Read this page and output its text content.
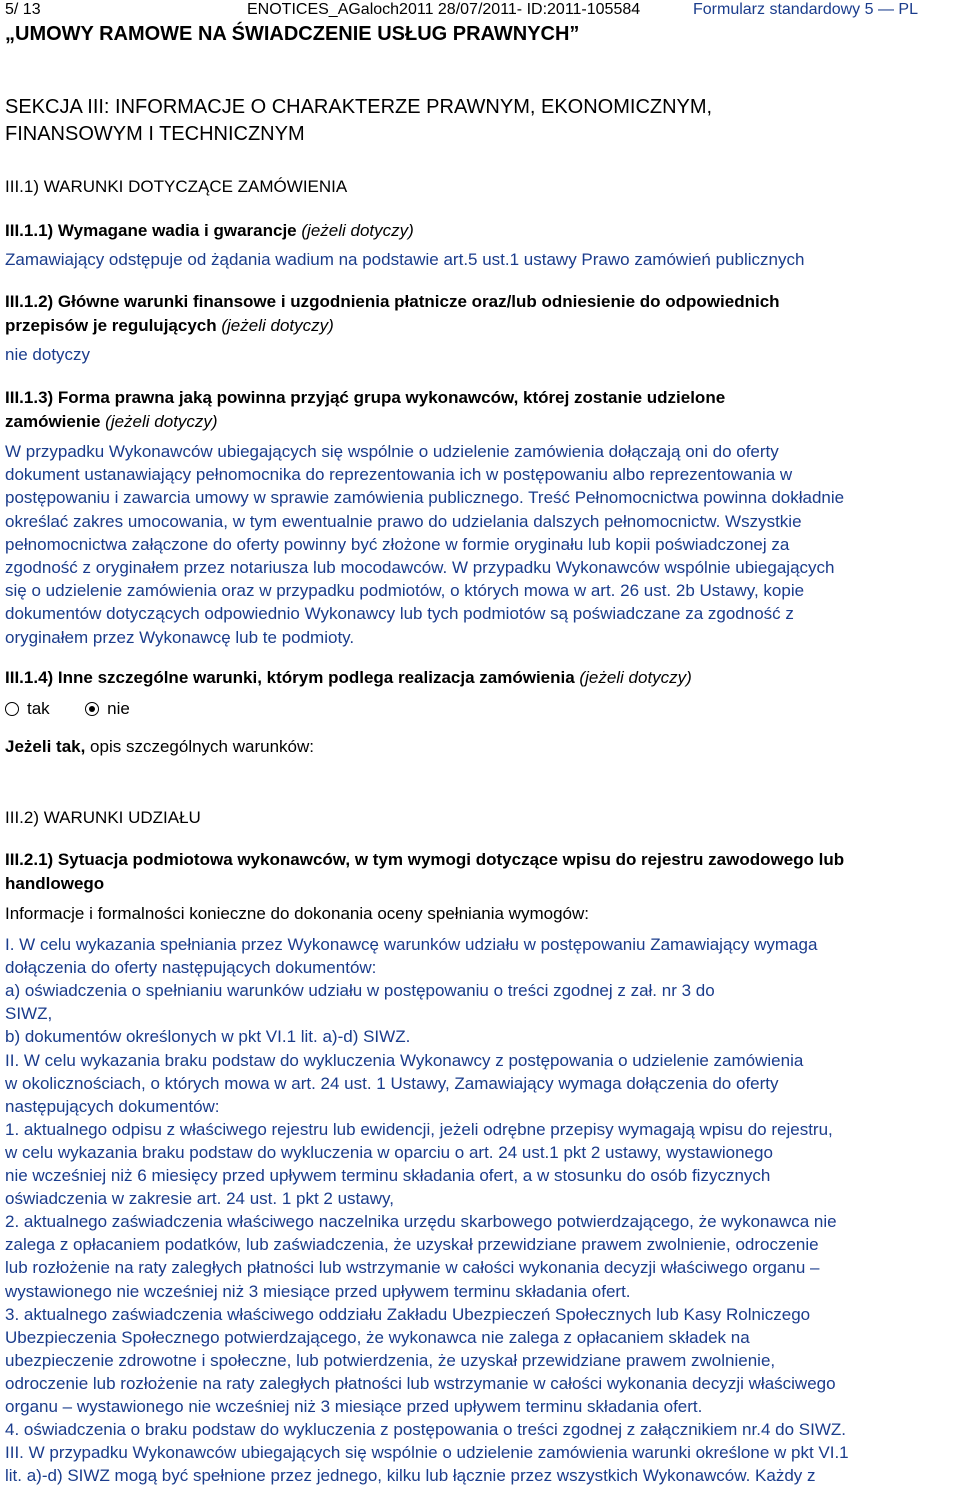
5/ 13	ENOTICES_AGaloch2011 28/07/2011- ID:2011-105584	Formularz standardowy 5 — PL
„UMOWY RAMOWE NA ŚWIADCZENIE USŁUG PRAWNYCH”
SEKCJA III: INFORMACJE O CHARAKTERZE PRAWNYM, EKONOMICZNYM,
FINANSOWYM I TECHNICZNYM
III.1) WARUNKI DOTYCZĄCE ZAMÓWIENIA
III.1.1) Wymagane wadia i gwarancje (jeżeli dotyczy)
Zamawiający odstępuje od żądania wadium na podstawie art.5 ust.1 ustawy Prawo zamówień publicznych
III.1.2) Główne warunki finansowe i uzgodnienia płatnicze oraz/lub odniesienie do odpowiednich
przepisów je regulujących (jeżeli dotyczy)
nie dotyczy
III.1.3) Forma prawna jaką powinna przyjąć grupa wykonawców, której zostanie udzielone
zamówienie (jeżeli dotyczy)
W przypadku Wykonawców ubiegających się wspólnie o udzielenie zamówienia dołączają oni do oferty
dokument ustanawiający pełnomocnika do reprezentowania ich w postępowaniu albo reprezentowania w
postępowaniu i zawarcia umowy w sprawie zamówienia publicznego. Treść Pełnomocnictwa powinna dokładnie
określać zakres umocowania, w tym ewentualnie prawo do udzielania dalszych pełnomocnictw. Wszystkie
pełnomocnictwa załączone do oferty powinny być złożone w formie oryginału lub kopii poświadczonej za
zgodność z oryginałem przez notariusza lub mocodawców. W przypadku Wykonawców wspólnie ubiegających
się o udzielenie zamówienia oraz w przypadku podmiotów, o których mowa w art. 26 ust. 2b Ustawy, kopie
dokumentów dotyczących odpowiednio Wykonawcy lub tych podmiotów są poświadczane za zgodność z
oryginałem przez Wykonawcę lub te podmioty.
III.1.4) Inne szczególne warunki, którym podlega realizacja zamówienia (jeżeli dotyczy)
tak	nie
Jeżeli tak, opis szczególnych warunków:
III.2) WARUNKI UDZIAŁU
III.2.1) Sytuacja podmiotowa wykonawców, w tym wymogi dotyczące wpisu do rejestru zawodowego lub
handlowego
Informacje i formalności konieczne do dokonania oceny spełniania wymogów:
I. W celu wykazania spełniania przez Wykonawcę warunków udziału w postępowaniu Zamawiający wymaga
dołączenia do oferty następujących dokumentów:
a) oświadczenia o spełnianiu warunków udziału w postępowaniu o treści zgodnej z zał. nr 3 do
SIWZ,
b) dokumentów określonych w pkt VI.1 lit. a)-d) SIWZ.
II. W celu wykazania braku podstaw do wykluczenia Wykonawcy z postępowania o udzielenie zamówienia
w okolicznościach, o których mowa w art. 24 ust. 1 Ustawy, Zamawiający wymaga dołączenia do oferty
następujących dokumentów:
1. aktualnego odpisu z właściwego rejestru lub ewidencji, jeżeli odrębne przepisy wymagają wpisu do rejestru,
w celu wykazania braku podstaw do wykluczenia w oparciu o art. 24 ust.1 pkt 2 ustawy, wystawionego
nie wcześniej niż 6 miesięcy przed upływem terminu składania ofert, a w stosunku do osób fizycznych
oświadczenia w zakresie art. 24 ust. 1 pkt 2 ustawy,
2. aktualnego zaświadczenia właściwego naczelnika urzędu skarbowego potwierdzającego, że wykonawca nie
zalega z opłacaniem podatków, lub zaświadczenia, że uzyskał przewidziane prawem zwolnienie, odroczenie
lub rozłożenie na raty zaległych płatności lub wstrzymanie w całości wykonania decyzji właściwego organu –
wystawionego nie wcześniej niż 3 miesiące przed upływem terminu składania ofert.
3. aktualnego zaświadczenia właściwego oddziału Zakładu Ubezpieczeń Społecznych lub Kasy Rolniczego
Ubezpieczenia Społecznego potwierdzającego, że wykonawca nie zalega z opłacaniem składek na
ubezpieczenie zdrowotne i społeczne, lub potwierdzenia, że uzyskał przewidziane prawem zwolnienie,
odroczenie lub rozłożenie na raty zaległych płatności lub wstrzymanie w całości wykonania decyzji właściwego
organu – wystawionego nie wcześniej niż 3 miesiące przed upływem terminu składania ofert.
4. oświadczenia o braku podstaw do wykluczenia z postępowania o treści zgodnej z załącznikiem nr.4 do SIWZ.
III. W przypadku Wykonawców ubiegających się wspólnie o udzielenie zamówienia warunki określone w pkt VI.1
lit. a)-d) SIWZ mogą być spełnione przez jednego, kilku lub łącznie przez wszystkich Wykonawców. Każdy z
